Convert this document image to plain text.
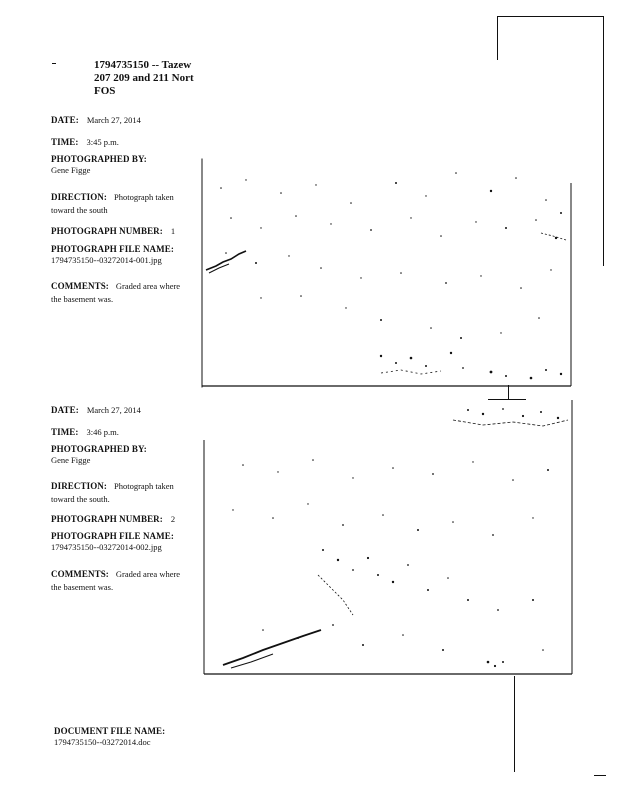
1794735150 -- Tazew
207 209 and 211 Nort
FOS
DATE: March 27, 2014
TIME: 3:45 p.m.
PHOTOGRAPHED BY:
Gene Figge
DIRECTION: Photograph taken
toward the south
PHOTOGRAPH NUMBER: 1
PHOTOGRAPH FILE NAME:
1794735150--03272014-001.jpg
COMMENTS: Graded area where
the basement was.
DATE: March 27, 2014
TIME: 3:46 p.m.
PHOTOGRAPHED BY:
Gene Figge
DIRECTION: Photograph taken
toward the south.
PHOTOGRAPH NUMBER: 2
PHOTOGRAPH FILE NAME:
1794735150--03272014-002.jpg
COMMENTS: Graded area where
the basement was.
DOCUMENT FILE NAME:
1794735150--03272014.doc
